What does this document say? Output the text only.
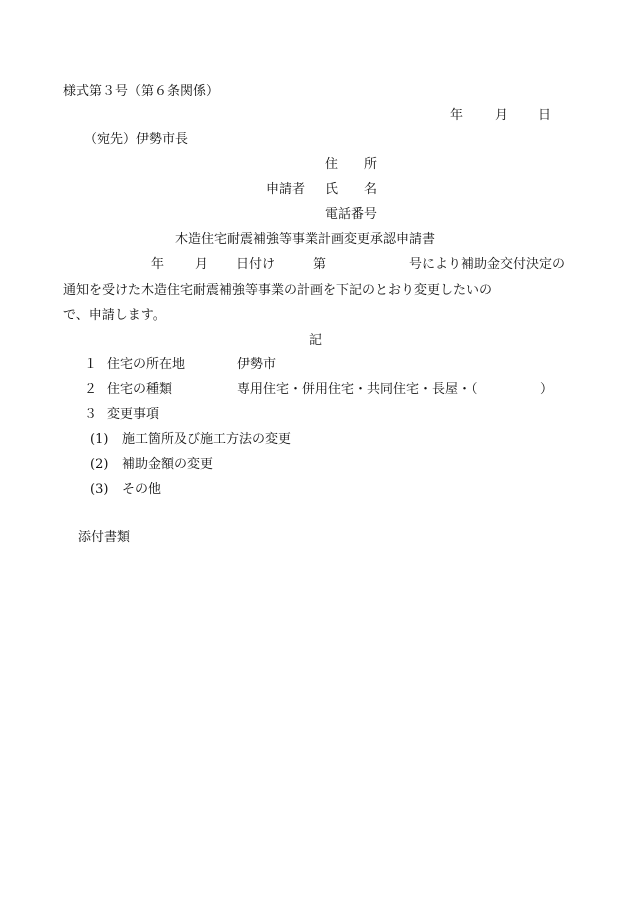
様式第３号（第６条関係）
年 月 日
（宛先）伊勢市長
住　　所
申請者 氏　　名
電話番号
木造住宅耐震補強等事業計画変更承認申請書
年 月 日付け	第	号により補助金交付決定の
通知を受けた木造住宅耐震補強等事業の計画を下記のとおり変更したいの
で、申請します。
記
１ 住宅の所在地	伊勢市
２ 住宅の種類	専用住宅・併用住宅・共同住宅・長屋・（	）
３ 変更事項
(1) 施工箇所及び施工方法の変更
(2) 補助金額の変更
(3) その他
添付書類
